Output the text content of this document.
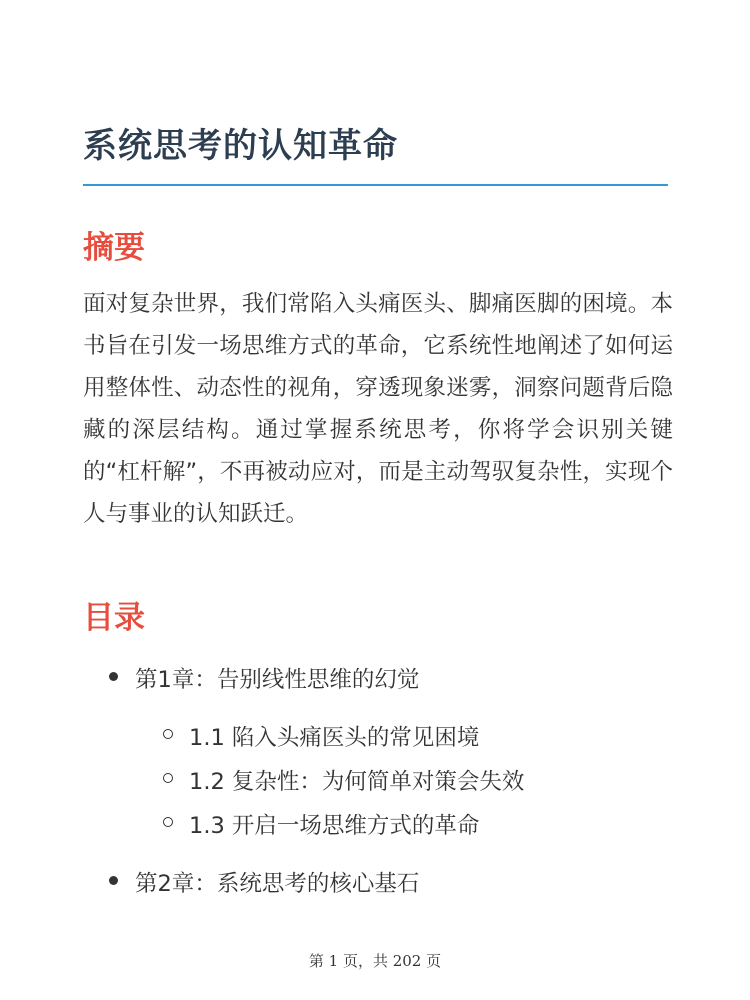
系统思考的认知革命
摘要

面对复杂世界，我们常陷入头痛医头、脚痛医脚的困境。本书旨在引发一场思维方式的革命，它系统性地阐述了如何运用整体性、动态性的视角，穿透现象迷雾，洞察问题背后隐藏的深层结构。通过掌握系统思考，你将学会识别关键的“杠杆解”，不再被动应对，而是主动驾驭复杂性，实现个人与事业的认知跃迁。

目录
第1章：告别线性思维的幻觉
1.1 陷入头痛医头的常见困境
1.2 复杂性：为何简单对策会失效
1.3 开启一场思维方式的革命
第2章：系统思考的核心基石
第 1 页，共 202 页
